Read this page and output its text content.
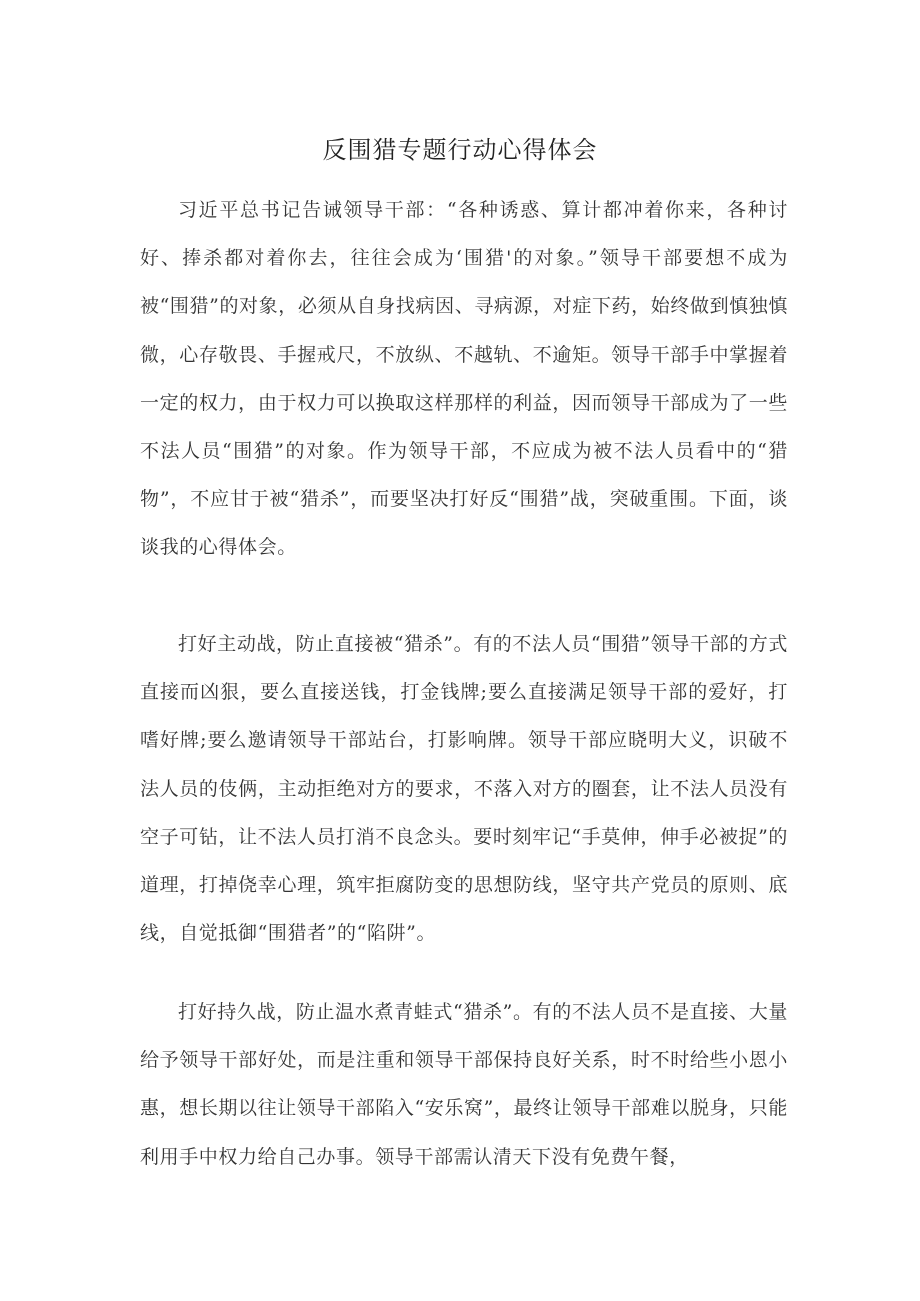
反围猎专题行动心得体会

习近平总书记告诫领导干部：“各种诱惑、算计都冲着你来，各种讨好、捧杀都对着你去，往往会成为‘围猎'的对象。”领导干部要想不成为被“围猎”的对象，必须从自身找病因、寻病源，对症下药，始终做到慎独慎微，心存敬畏、手握戒尺，不放纵、不越轨、不逾矩。领导干部手中掌握着一定的权力，由于权力可以换取这样那样的利益，因而领导干部成为了一些不法人员“围猎”的对象。作为领导干部，不应成为被不法人员看中的“猎物”，不应甘于被“猎杀”，而要坚决打好反“围猎”战，突破重围。下面，谈谈我的心得体会。

打好主动战，防止直接被“猎杀”。有的不法人员“围猎”领导干部的方式直接而凶狠，要么直接送钱，打金钱牌;要么直接满足领导干部的爱好，打嗜好牌;要么邀请领导干部站台，打影响牌。领导干部应晓明大义，识破不法人员的伎俩，主动拒绝对方的要求，不落入对方的圈套，让不法人员没有空子可钻，让不法人员打消不良念头。要时刻牢记“手莫伸，伸手必被捉”的道理，打掉侥幸心理，筑牢拒腐防变的思想防线，坚守共产党员的原则、底线，自觉抵御“围猎者”的“陷阱”。

打好持久战，防止温水煮青蛙式“猎杀”。有的不法人员不是直接、大量给予领导干部好处，而是注重和领导干部保持良好关系，时不时给些小恩小惠，想长期以往让领导干部陷入“安乐窝”，最终让领导干部难以脱身，只能利用手中权力给自己办事。领导干部需认清天下没有免费午餐，
